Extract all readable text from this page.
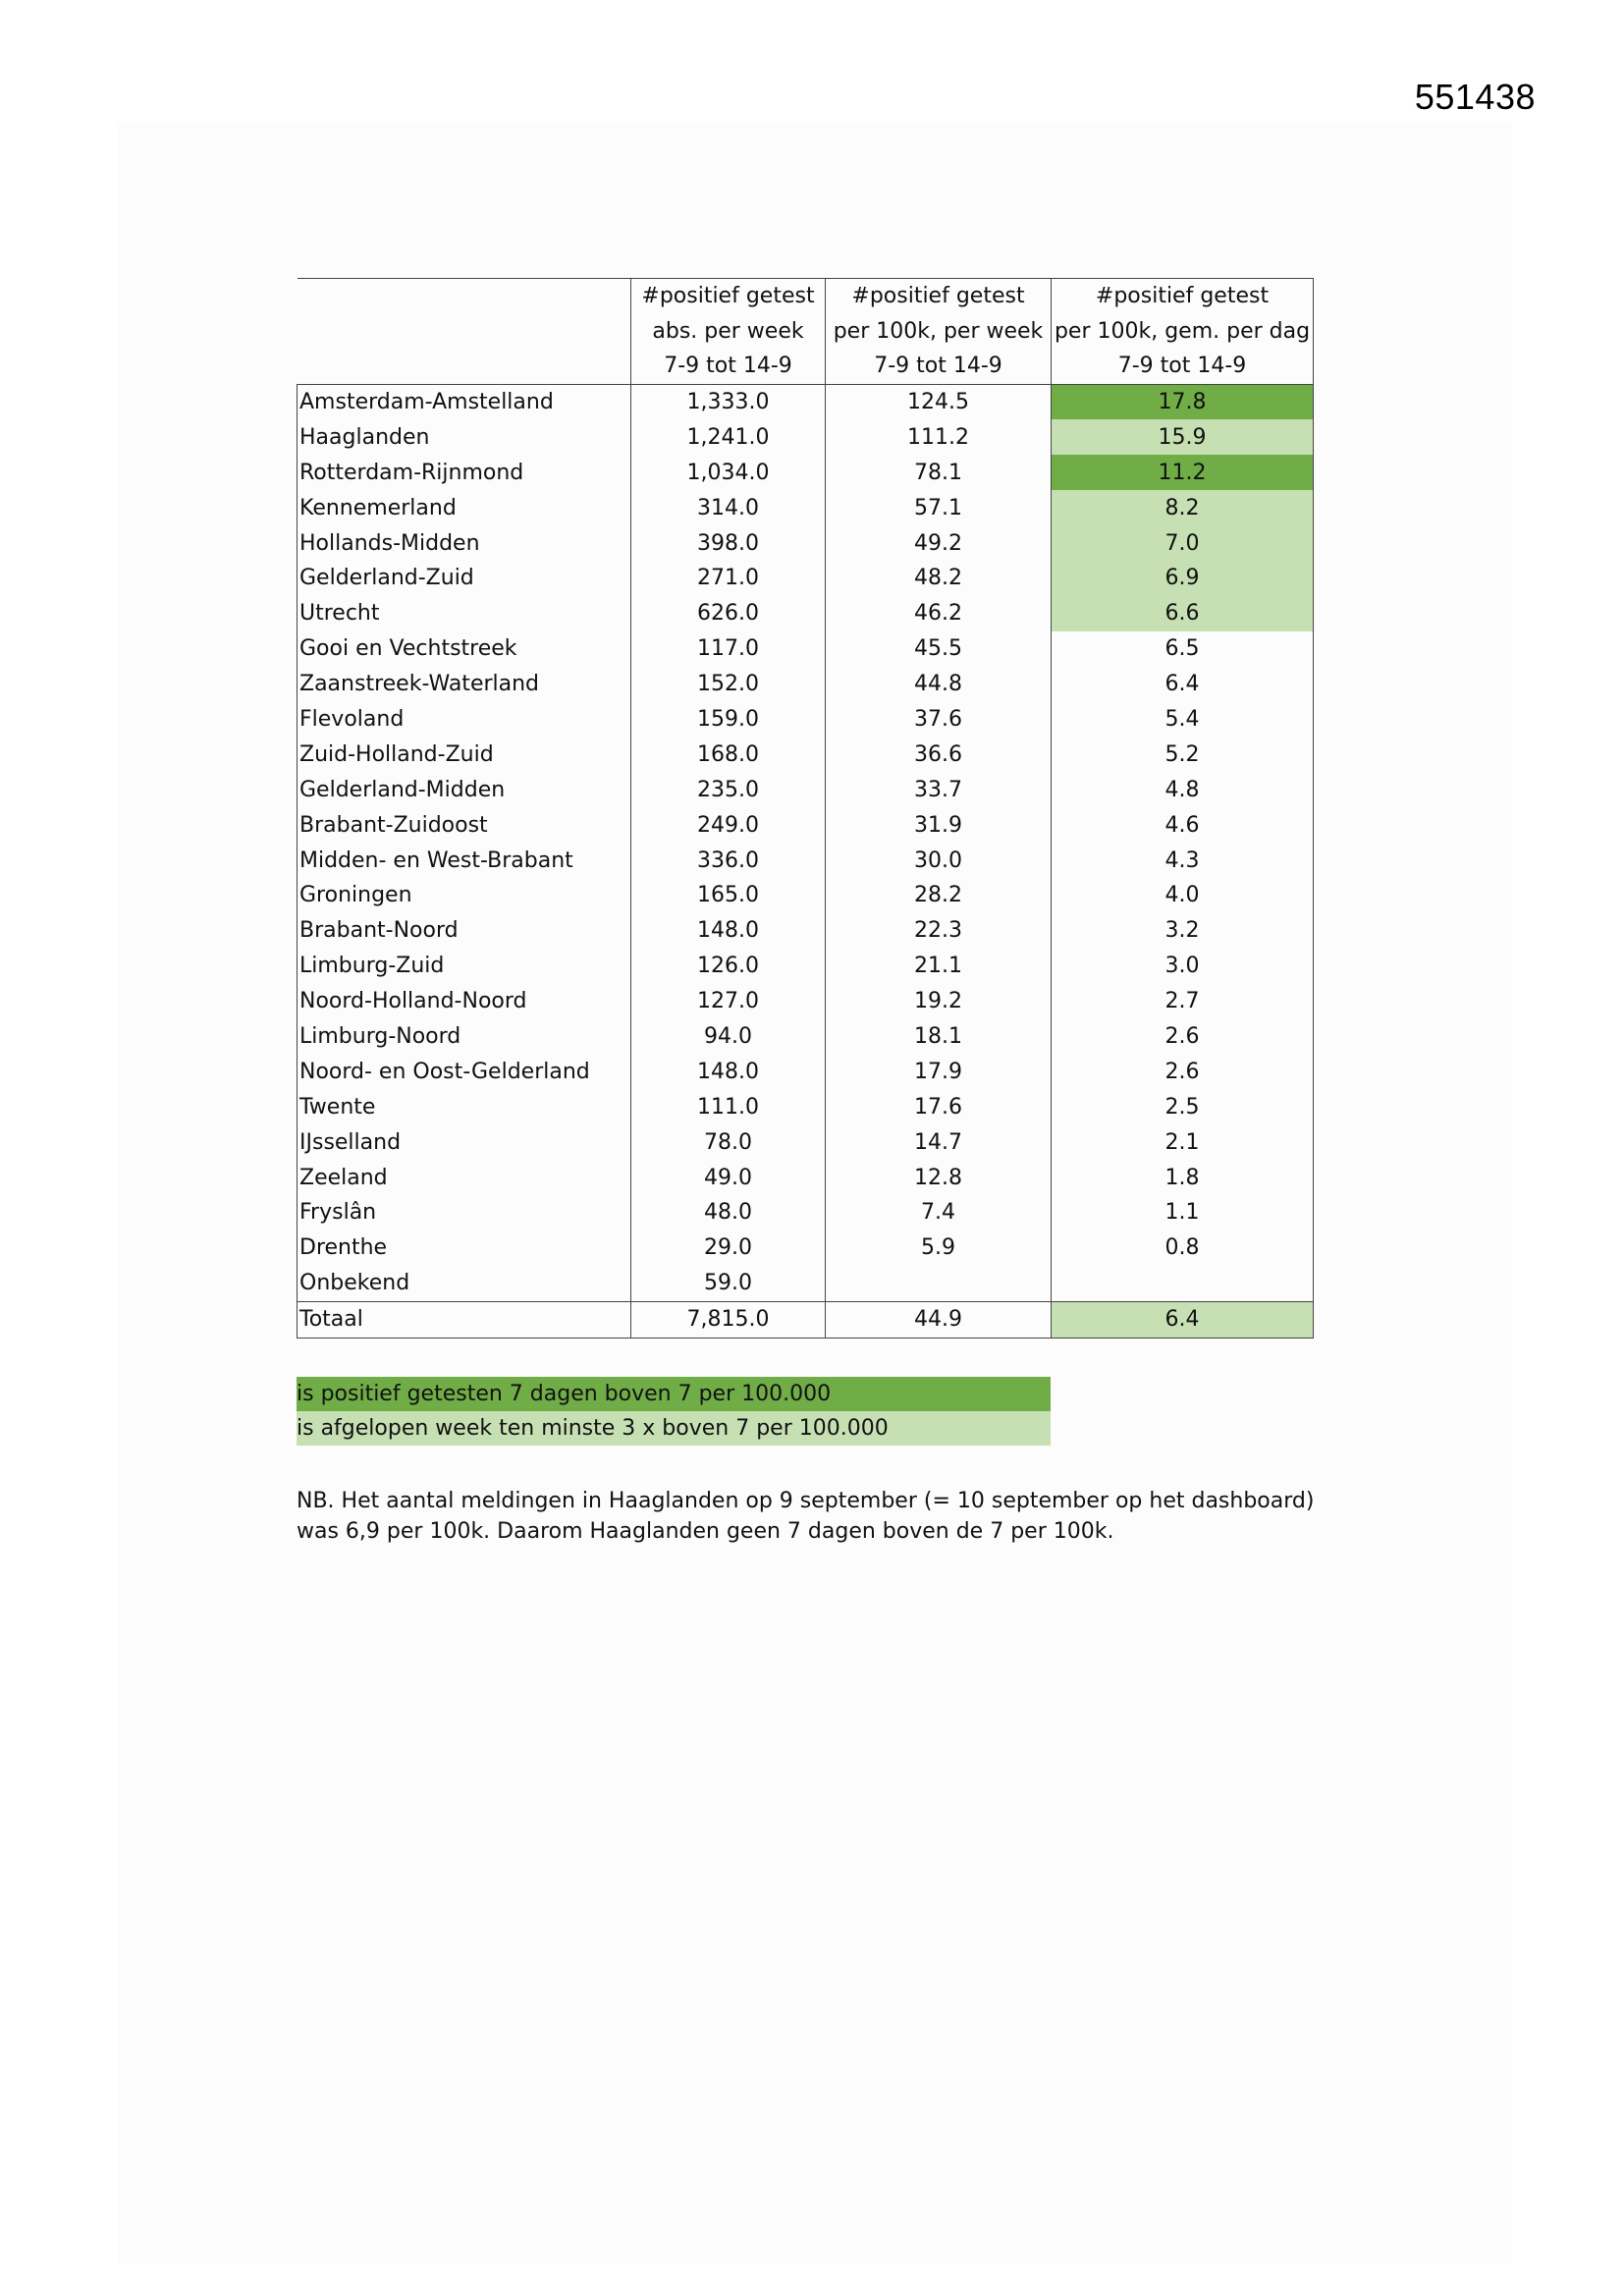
551438
	#positief getest	#positief getest	#positief getest
	abs. per week	per 100k, per week	per 100k, gem. per dag
	7-9 tot 14-9	7-9 tot 14-9	7-9 tot 14-9
Amsterdam-Amstelland	1,333.0	124.5	17.8
Haaglanden	1,241.0	111.2	15.9
Rotterdam-Rijnmond	1,034.0	78.1	11.2
Kennemerland	314.0	57.1	8.2
Hollands-Midden	398.0	49.2	7.0
Gelderland-Zuid	271.0	48.2	6.9
Utrecht	626.0	46.2	6.6
Gooi en Vechtstreek	117.0	45.5	6.5
Zaanstreek-Waterland	152.0	44.8	6.4
Flevoland	159.0	37.6	5.4
Zuid-Holland-Zuid	168.0	36.6	5.2
Gelderland-Midden	235.0	33.7	4.8
Brabant-Zuidoost	249.0	31.9	4.6
Midden- en West-Brabant	336.0	30.0	4.3
Groningen	165.0	28.2	4.0
Brabant-Noord	148.0	22.3	3.2
Limburg-Zuid	126.0	21.1	3.0
Noord-Holland-Noord	127.0	19.2	2.7
Limburg-Noord	94.0	18.1	2.6
Noord- en Oost-Gelderland	148.0	17.9	2.6
Twente	111.0	17.6	2.5
IJsselland	78.0	14.7	2.1
Zeeland	49.0	12.8	1.8
Fryslân	48.0	7.4	1.1
Drenthe	29.0	5.9	0.8
Onbekend	59.0		
Totaal	7,815.0	44.9	6.4
is positief getesten 7 dagen boven 7 per 100.000
is afgelopen week ten minste 3 x boven 7 per 100.000

NB. Het aantal meldingen in Haaglanden op 9 september (= 10 september op het dashboard)

was 6,9 per 100k. Daarom Haaglanden geen 7 dagen boven de 7 per 100k.
